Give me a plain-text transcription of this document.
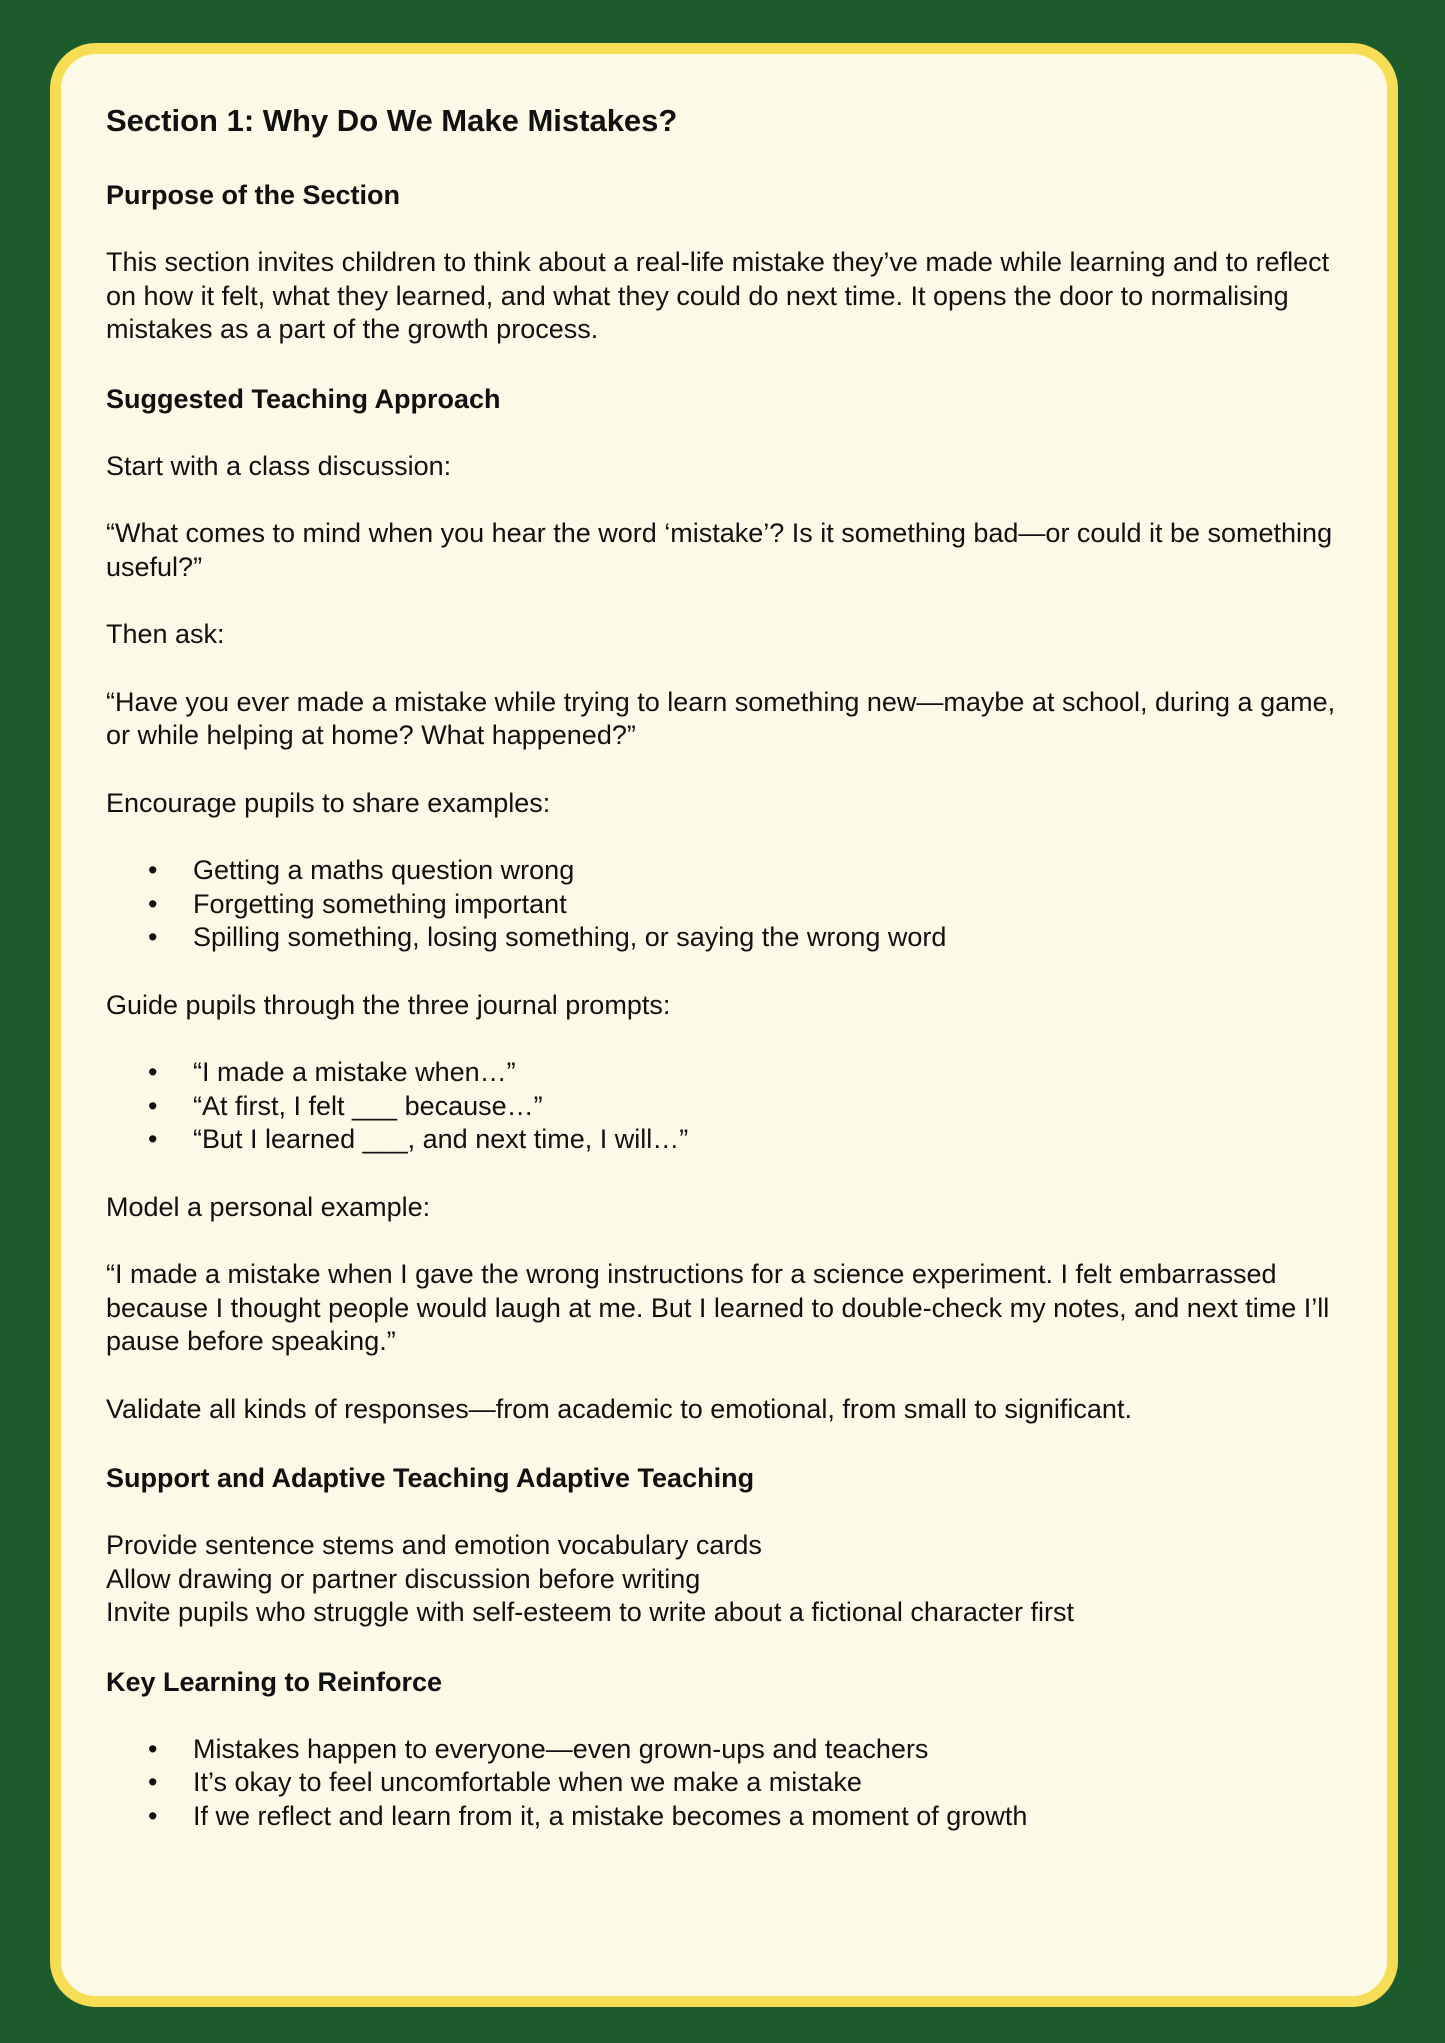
Section 1: Why Do We Make Mistakes?
Purpose of the Section

This section invites children to think about a real-life mistake they’ve made while learning and to reflect on how it felt, what they learned, and what they could do next time. It opens the door to normalising mistakes as a part of the growth process.

Suggested Teaching Approach

Start with a class discussion:

“What comes to mind when you hear the word ‘mistake’? Is it something bad—or could it be something useful?”

Then ask:

“Have you ever made a mistake while trying to learn something new—maybe at school, during a game, or while helping at home? What happened?”

Encourage pupils to share examples:

• Getting a maths question wrong
• Forgetting something important
• Spilling something, losing something, or saying the wrong word

Guide pupils through the three journal prompts:

• “I made a mistake when…”
• “At first, I felt ___ because…”
• “But I learned ___, and next time, I will…”

Model a personal example:

“I made a mistake when I gave the wrong instructions for a science experiment. I felt embarrassed because I thought people would laugh at me. But I learned to double-check my notes, and next time I’ll pause before speaking.”

Validate all kinds of responses—from academic to emotional, from small to significant.

Support and Adaptive Teaching Adaptive Teaching

Provide sentence stems and emotion vocabulary cards
Allow drawing or partner discussion before writing
Invite pupils who struggle with self-esteem to write about a fictional character first

Key Learning to Reinforce
• Mistakes happen to everyone—even grown-ups and teachers
• It’s okay to feel uncomfortable when we make a mistake
• If we reflect and learn from it, a mistake becomes a moment of growth
